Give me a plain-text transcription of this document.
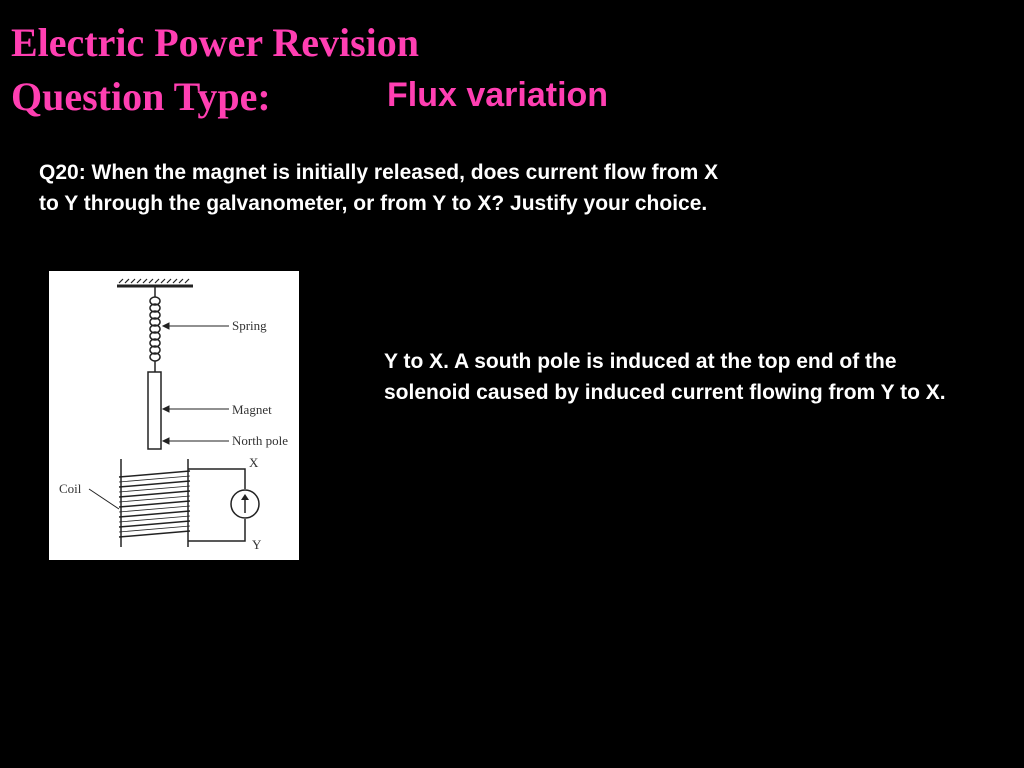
Electric Power Revision
Question Type:	Flux variation
Q20: When the magnet is initially released, does current flow from X to Y through the galvanometer, or from Y to X? Justify your choice.
Spring
Magnet
North pole
Coil
X
Y
Y to X. A south pole is induced at the top end of the solenoid caused by induced current flowing from Y to X.
